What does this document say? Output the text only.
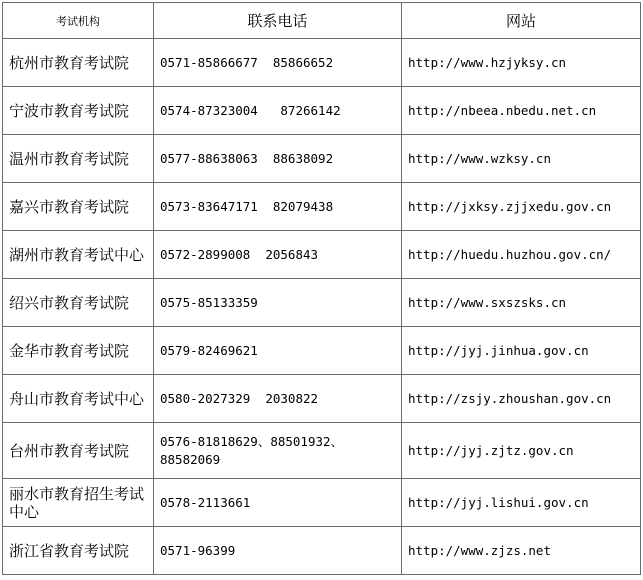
考试机构	联系电话	网站
杭州市教育考试院	0571-85866677  85866652	http://www.hzjyksy.cn
宁波市教育考试院	0574-87323004   87266142	http://nbeea.nbedu.net.cn
温州市教育考试院	0577-88638063  88638092	http://www.wzksy.cn
嘉兴市教育考试院	0573-83647171  82079438	http://jxksy.zjjxedu.gov.cn
湖州市教育考试中心	0572-2899008  2056843	http://huedu.huzhou.gov.cn/
绍兴市教育考试院	0575-85133359	http://www.sxszsks.cn
金华市教育考试院	0579-82469621	http://jyj.jinhua.gov.cn
舟山市教育考试中心	0580-2027329  2030822	http://zsjy.zhoushan.gov.cn
台州市教育考试院	0576-81818629、88501932、88582069	http://jyj.zjtz.gov.cn
丽水市教育招生考试中心	0578-2113661	http://jyj.lishui.gov.cn
浙江省教育考试院	0571-96399	http://www.zjzs.net
